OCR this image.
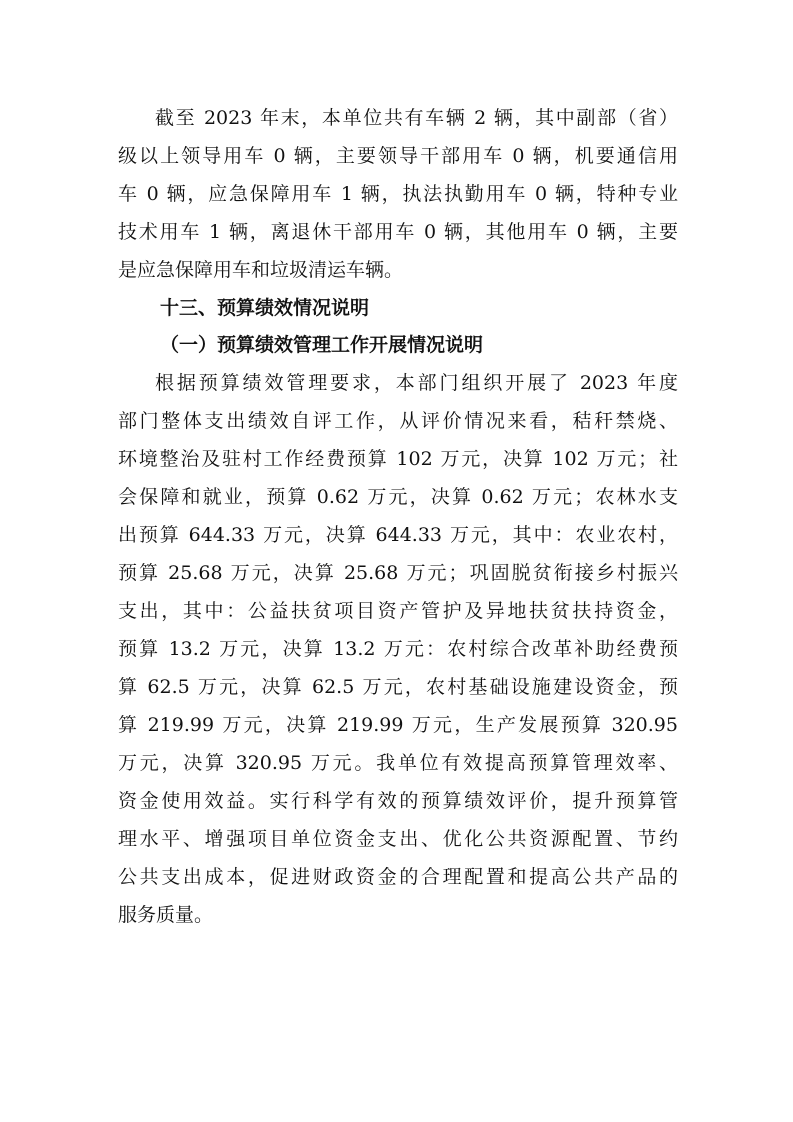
截至 2023 年末，本单位共有车辆 2 辆，其中副部（省）
级以上领导用车 0 辆，主要领导干部用车 0 辆，机要通信用
车 0 辆，应急保障用车 1 辆，执法执勤用车 0 辆，特种专业
技术用车 1 辆，离退休干部用车 0 辆，其他用车 0 辆，主要
是应急保障用车和垃圾清运车辆。
十三、预算绩效情况说明
（一）预算绩效管理工作开展情况说明
根据预算绩效管理要求，本部门组织开展了 2023 年度
部门整体支出绩效自评工作，从评价情况来看，秸秆禁烧、
环境整治及驻村工作经费预算 102 万元，决算 102 万元；社
会保障和就业，预算 0.62 万元，决算 0.62 万元；农林水支
出预算 644.33 万元，决算 644.33 万元，其中：农业农村，
预算 25.68 万元，决算 25.68 万元；巩固脱贫衔接乡村振兴
支出，其中：公益扶贫项目资产管护及异地扶贫扶持资金，
预算 13.2 万元，决算 13.2 万元：农村综合改革补助经费预
算 62.5 万元，决算 62.5 万元，农村基础设施建设资金，预
算 219.99 万元，决算 219.99 万元，生产发展预算 320.95
万元，决算 320.95 万元。我单位有效提高预算管理效率、
资金使用效益。实行科学有效的预算绩效评价，提升预算管
理水平、增强项目单位资金支出、优化公共资源配置、节约
公共支出成本，促进财政资金的合理配置和提高公共产品的
服务质量。
